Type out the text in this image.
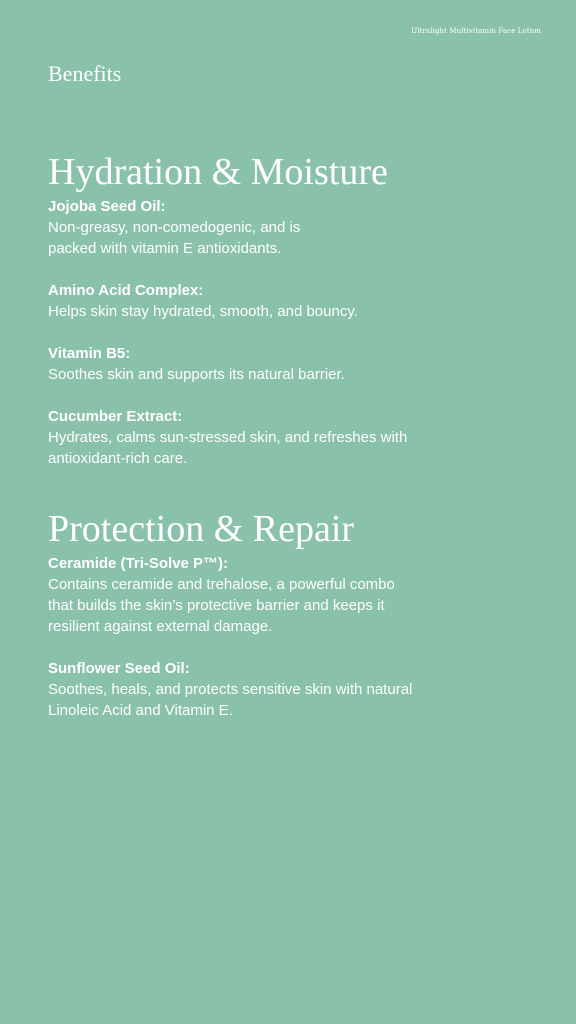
Ultralight Multivitamin Face Lotion
Benefits
Hydration & Moisture
Jojoba Seed Oil:
Non-greasy, non-comedogenic, and is
packed with vitamin E antioxidants.
Amino Acid Complex:
Helps skin stay hydrated, smooth, and bouncy.
Vitamin B5:
Soothes skin and supports its natural barrier.
Cucumber Extract:
Hydrates, calms sun-stressed skin, and refreshes with
antioxidant-rich care.
Protection & Repair
Ceramide (Tri-Solve P™):
Contains ceramide and trehalose, a powerful combo
that builds the skin’s protective barrier and keeps it
resilient against external damage.
Sunflower Seed Oil:
Soothes, heals, and protects sensitive skin with natural
Linoleic Acid and Vitamin E.
